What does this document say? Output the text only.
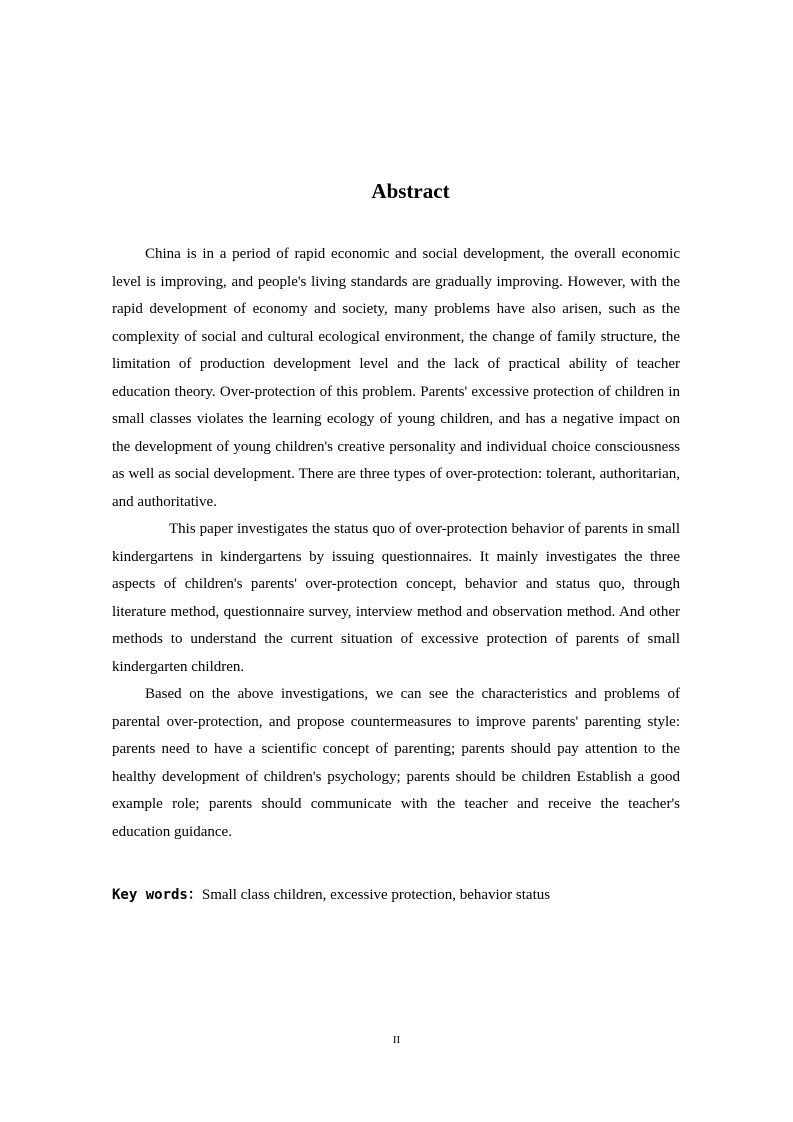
Abstract

China is in a period of rapid economic and social development, the overall economic level is improving, and people's living standards are gradually improving. However, with the rapid development of economy and society, many problems have also arisen, such as the complexity of social and cultural ecological environment, the change of family structure, the limitation of production development level and the lack of practical ability of teacher education theory. Over-protection of this problem. Parents' excessive protection of children in small classes violates the learning ecology of young children, and has a negative impact on the development of young children's creative personality and individual choice consciousness as well as social development. There are three types of over-protection: tolerant, authoritarian, and authoritative.

This paper investigates the status quo of over-protection behavior of parents in small kindergartens in kindergartens by issuing questionnaires. It mainly investigates the three aspects of children's parents' over-protection concept, behavior and status quo, through literature method, questionnaire survey, interview method and observation method. And other methods to understand the current situation of excessive protection of parents of small kindergarten children.

Based on the above investigations, we can see the characteristics and problems of parental over-protection, and propose countermeasures to improve parents' parenting style: parents need to have a scientific concept of parenting; parents should pay attention to the healthy development of children's psychology; parents should be children Establish a good example role; parents should communicate with the teacher and receive the teacher's education guidance.

Key words：Small class children, excessive protection, behavior status

II
